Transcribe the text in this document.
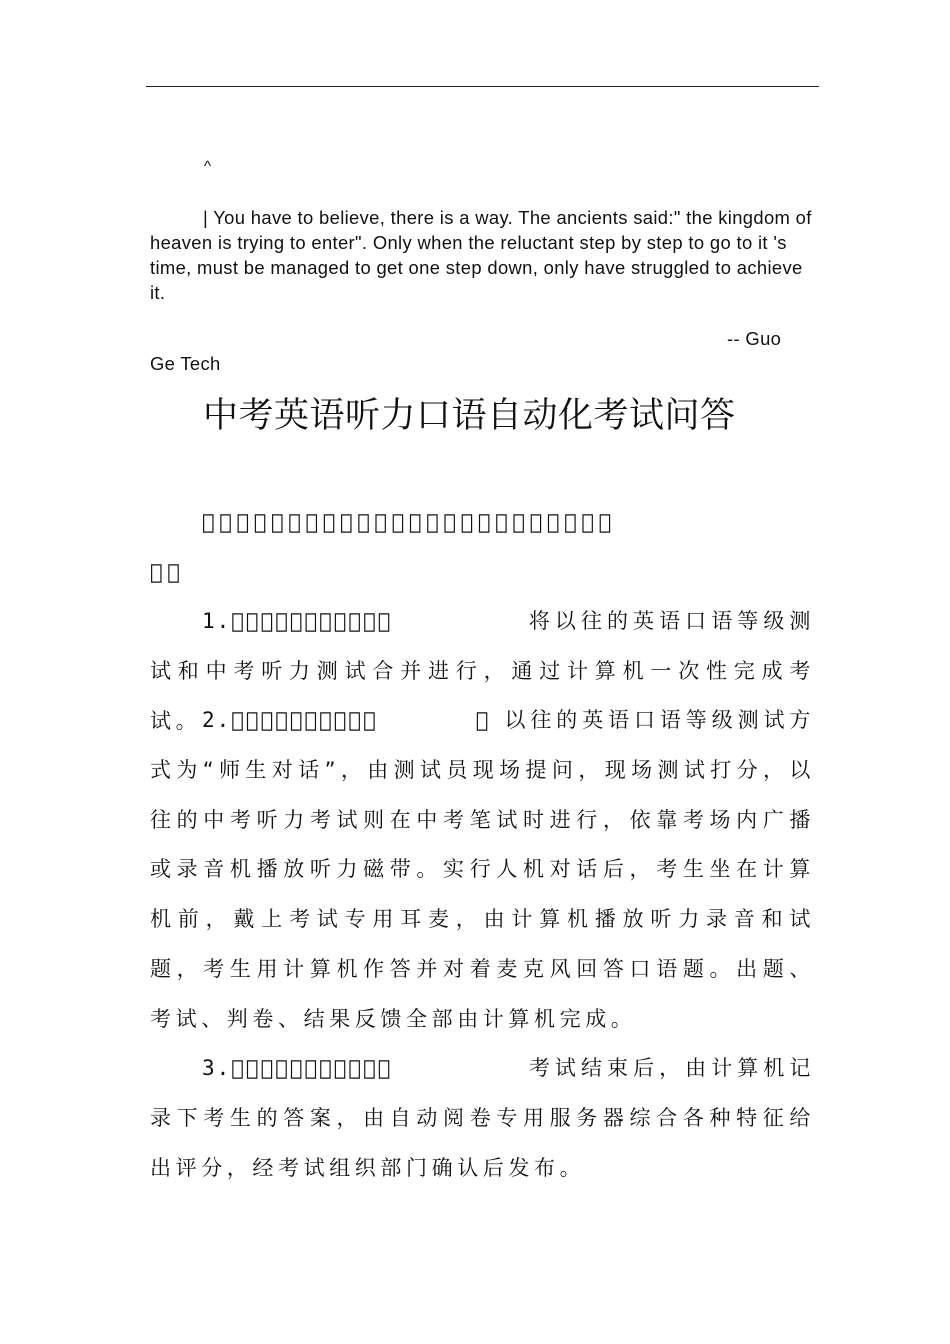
^

| You have to believe, there is a way. The ancients said:" the kingdom of heaven is trying to enter". Only when the reluctant step by step to go to it 's time, must be managed to get one step down, only have struggled to achieve it.

-- Guo
Ge Tech
中考英语听力口语自动化考试问答

                        

  

1.           	将以往的英语口语等级测试和中考听力测试合并进行，通过计算机一次性完成考试。 2.          	  以往的英语口语等级测试方式为“师生对话”，由测试员现场提问，现场测试打分，以往的中考听力考试则在中考笔试时进行，依靠考场内广播或录音机播放听力磁带。实行人机对话后，考生坐在计算机前，戴上考试专用耳麦，由计算机播放听力录音和试题，考生用计算机作答并对着麦克风回答口语题。出题、考试、判卷、结果反馈全部由计算机完成。

3.           	考试结束后，由计算机记录下考生的答案，由自动阅卷专用服务器综合各种特征给出评分，经考试组织部门确认后发布。
